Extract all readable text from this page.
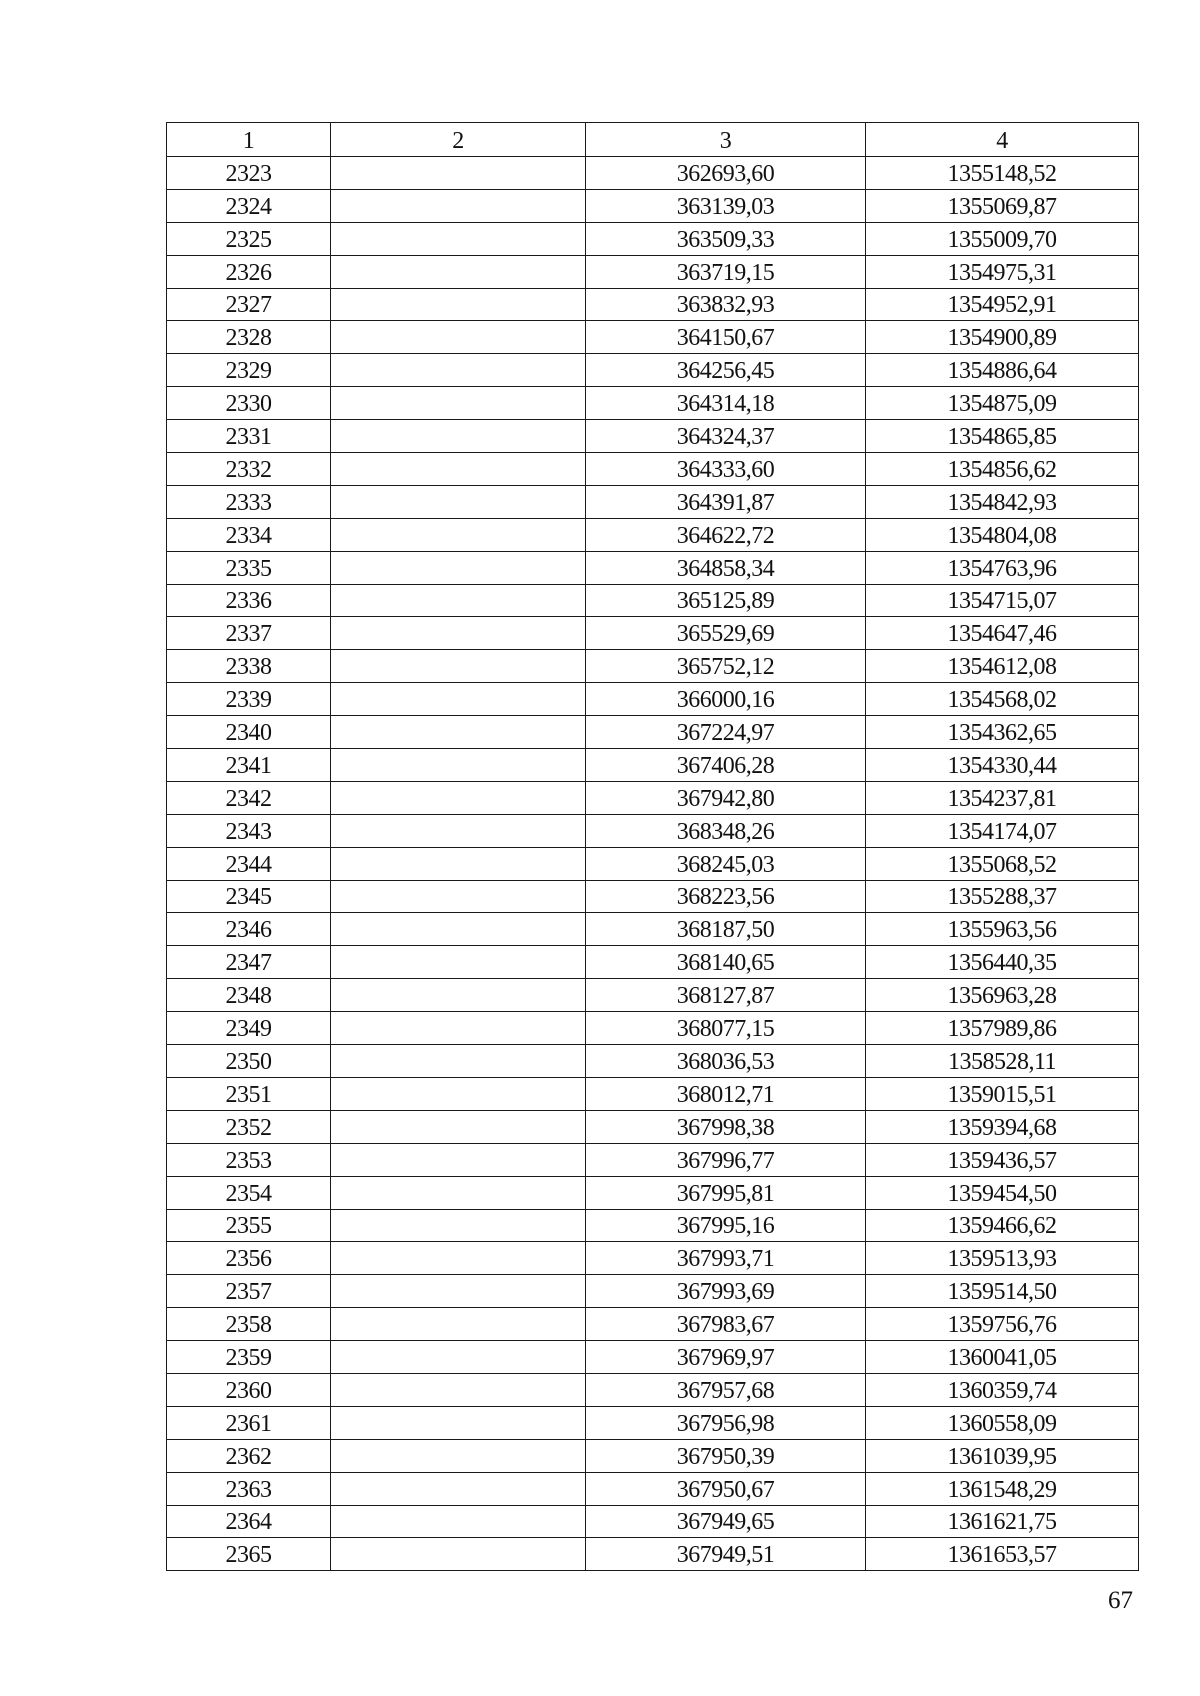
1	2	3	4
2323		362693,60	1355148,52
2324		363139,03	1355069,87
2325		363509,33	1355009,70
2326		363719,15	1354975,31
2327		363832,93	1354952,91
2328		364150,67	1354900,89
2329		364256,45	1354886,64
2330		364314,18	1354875,09
2331		364324,37	1354865,85
2332		364333,60	1354856,62
2333		364391,87	1354842,93
2334		364622,72	1354804,08
2335		364858,34	1354763,96
2336		365125,89	1354715,07
2337		365529,69	1354647,46
2338		365752,12	1354612,08
2339		366000,16	1354568,02
2340		367224,97	1354362,65
2341		367406,28	1354330,44
2342		367942,80	1354237,81
2343		368348,26	1354174,07
2344		368245,03	1355068,52
2345		368223,56	1355288,37
2346		368187,50	1355963,56
2347		368140,65	1356440,35
2348		368127,87	1356963,28
2349		368077,15	1357989,86
2350		368036,53	1358528,11
2351		368012,71	1359015,51
2352		367998,38	1359394,68
2353		367996,77	1359436,57
2354		367995,81	1359454,50
2355		367995,16	1359466,62
2356		367993,71	1359513,93
2357		367993,69	1359514,50
2358		367983,67	1359756,76
2359		367969,97	1360041,05
2360		367957,68	1360359,74
2361		367956,98	1360558,09
2362		367950,39	1361039,95
2363		367950,67	1361548,29
2364		367949,65	1361621,75
2365		367949,51	1361653,57
67
